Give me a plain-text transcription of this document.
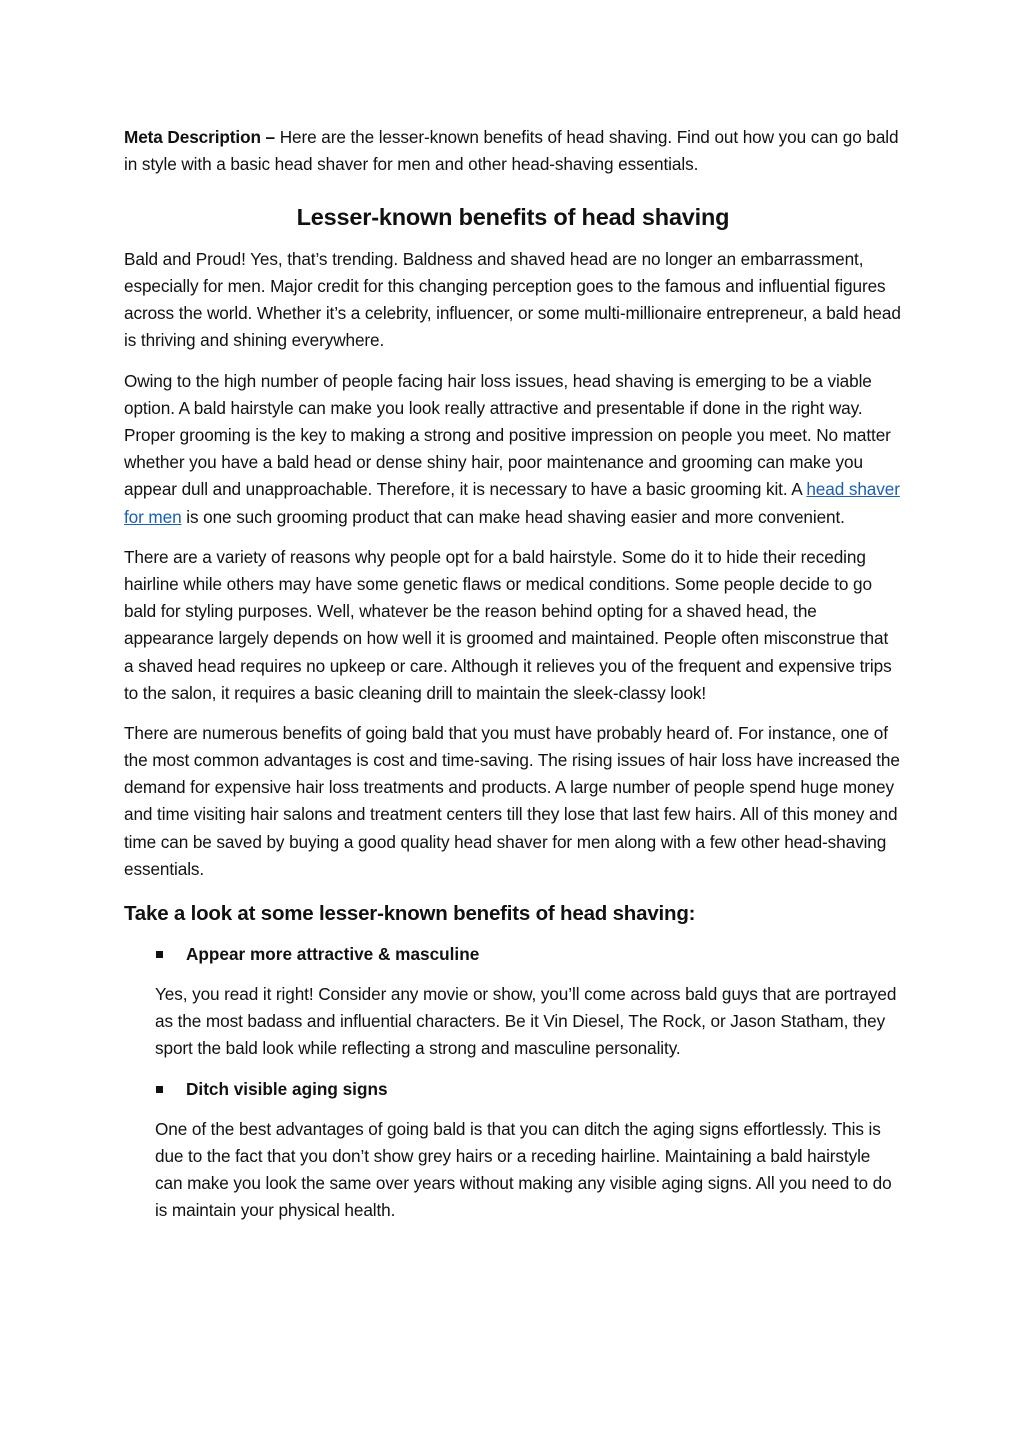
Meta Description – Here are the lesser-known benefits of head shaving. Find out how you can go bald in style with a basic head shaver for men and other head-shaving essentials.

Lesser-known benefits of head shaving

Bald and Proud! Yes, that’s trending. Baldness and shaved head are no longer an embarrassment, especially for men. Major credit for this changing perception goes to the famous and influential figures across the world. Whether it’s a celebrity, influencer, or some multi-millionaire entrepreneur, a bald head is thriving and shining everywhere.

Owing to the high number of people facing hair loss issues, head shaving is emerging to be a viable option. A bald hairstyle can make you look really attractive and presentable if done in the right way. Proper grooming is the key to making a strong and positive impression on people you meet. No matter whether you have a bald head or dense shiny hair, poor maintenance and grooming can make you appear dull and unapproachable. Therefore, it is necessary to have a basic grooming kit. A head shaver for men is one such grooming product that can make head shaving easier and more convenient.

There are a variety of reasons why people opt for a bald hairstyle. Some do it to hide their receding hairline while others may have some genetic flaws or medical conditions. Some people decide to go bald for styling purposes. Well, whatever be the reason behind opting for a shaved head, the appearance largely depends on how well it is groomed and maintained. People often misconstrue that a shaved head requires no upkeep or care. Although it relieves you of the frequent and expensive trips to the salon, it requires a basic cleaning drill to maintain the sleek-classy look!

There are numerous benefits of going bald that you must have probably heard of. For instance, one of the most common advantages is cost and time-saving. The rising issues of hair loss have increased the demand for expensive hair loss treatments and products. A large number of people spend huge money and time visiting hair salons and treatment centers till they lose that last few hairs. All of this money and time can be saved by buying a good quality head shaver for men along with a few other head-shaving essentials.

Take a look at some lesser-known benefits of head shaving:
Appear more attractive & masculine

Yes, you read it right! Consider any movie or show, you’ll come across bald guys that are portrayed as the most badass and influential characters. Be it Vin Diesel, The Rock, or Jason Statham, they sport the bald look while reflecting a strong and masculine personality.

Ditch visible aging signs

One of the best advantages of going bald is that you can ditch the aging signs effortlessly. This is due to the fact that you don’t show grey hairs or a receding hairline. Maintaining a bald hairstyle can make you look the same over years without making any visible aging signs. All you need to do is maintain your physical health.
